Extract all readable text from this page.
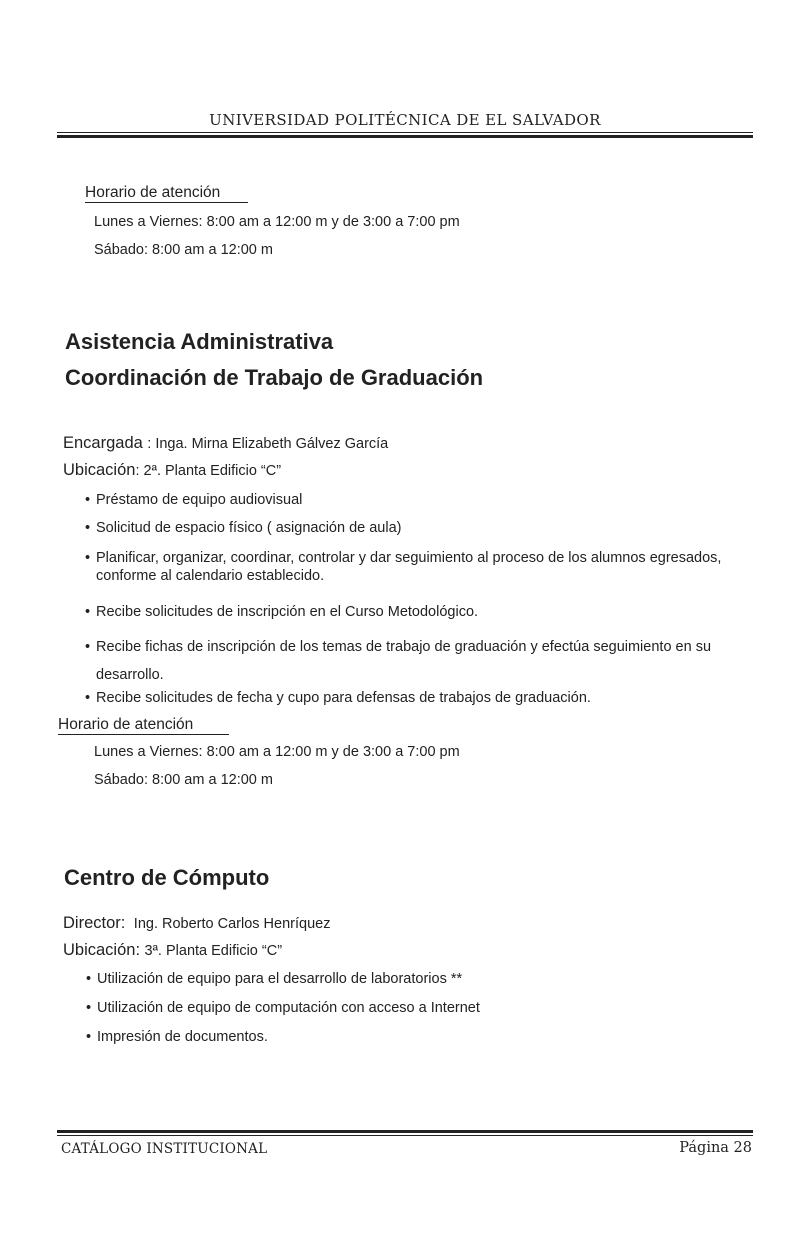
UNIVERSIDAD POLITÉCNICA DE EL SALVADOR
Horario de atención
Lunes a Viernes: 8:00 am a 12:00 m y de 3:00 a 7:00 pm
Sábado: 8:00 am a 12:00 m
Asistencia Administrativa
Coordinación de Trabajo de Graduación
Encargada : Inga. Mirna Elizabeth Gálvez García
Ubicación: 2ª. Planta Edificio “C”
• Préstamo de equipo audiovisual
• Solicitud de espacio físico ( asignación de aula)
• Planificar, organizar, coordinar, controlar y dar seguimiento al proceso de los alumnos egresados, conforme al calendario establecido.
• Recibe solicitudes de inscripción en el Curso Metodológico.
• Recibe fichas de inscripción de los temas de trabajo de graduación y efectúa seguimiento en su desarrollo.
• Recibe solicitudes de fecha y cupo para defensas de trabajos de graduación.
Horario de atención
Lunes a Viernes: 8:00 am a 12:00 m y de 3:00 a 7:00 pm
Sábado: 8:00 am a 12:00 m
Centro de Cómputo
Director: Ing. Roberto Carlos Henríquez
Ubicación: 3ª. Planta Edificio “C”
• Utilización de equipo para el desarrollo de laboratorios **
• Utilización de equipo de computación con acceso a Internet
• Impresión de documentos.
CATÁLOGO INSTITUCIONAL	Página 28
